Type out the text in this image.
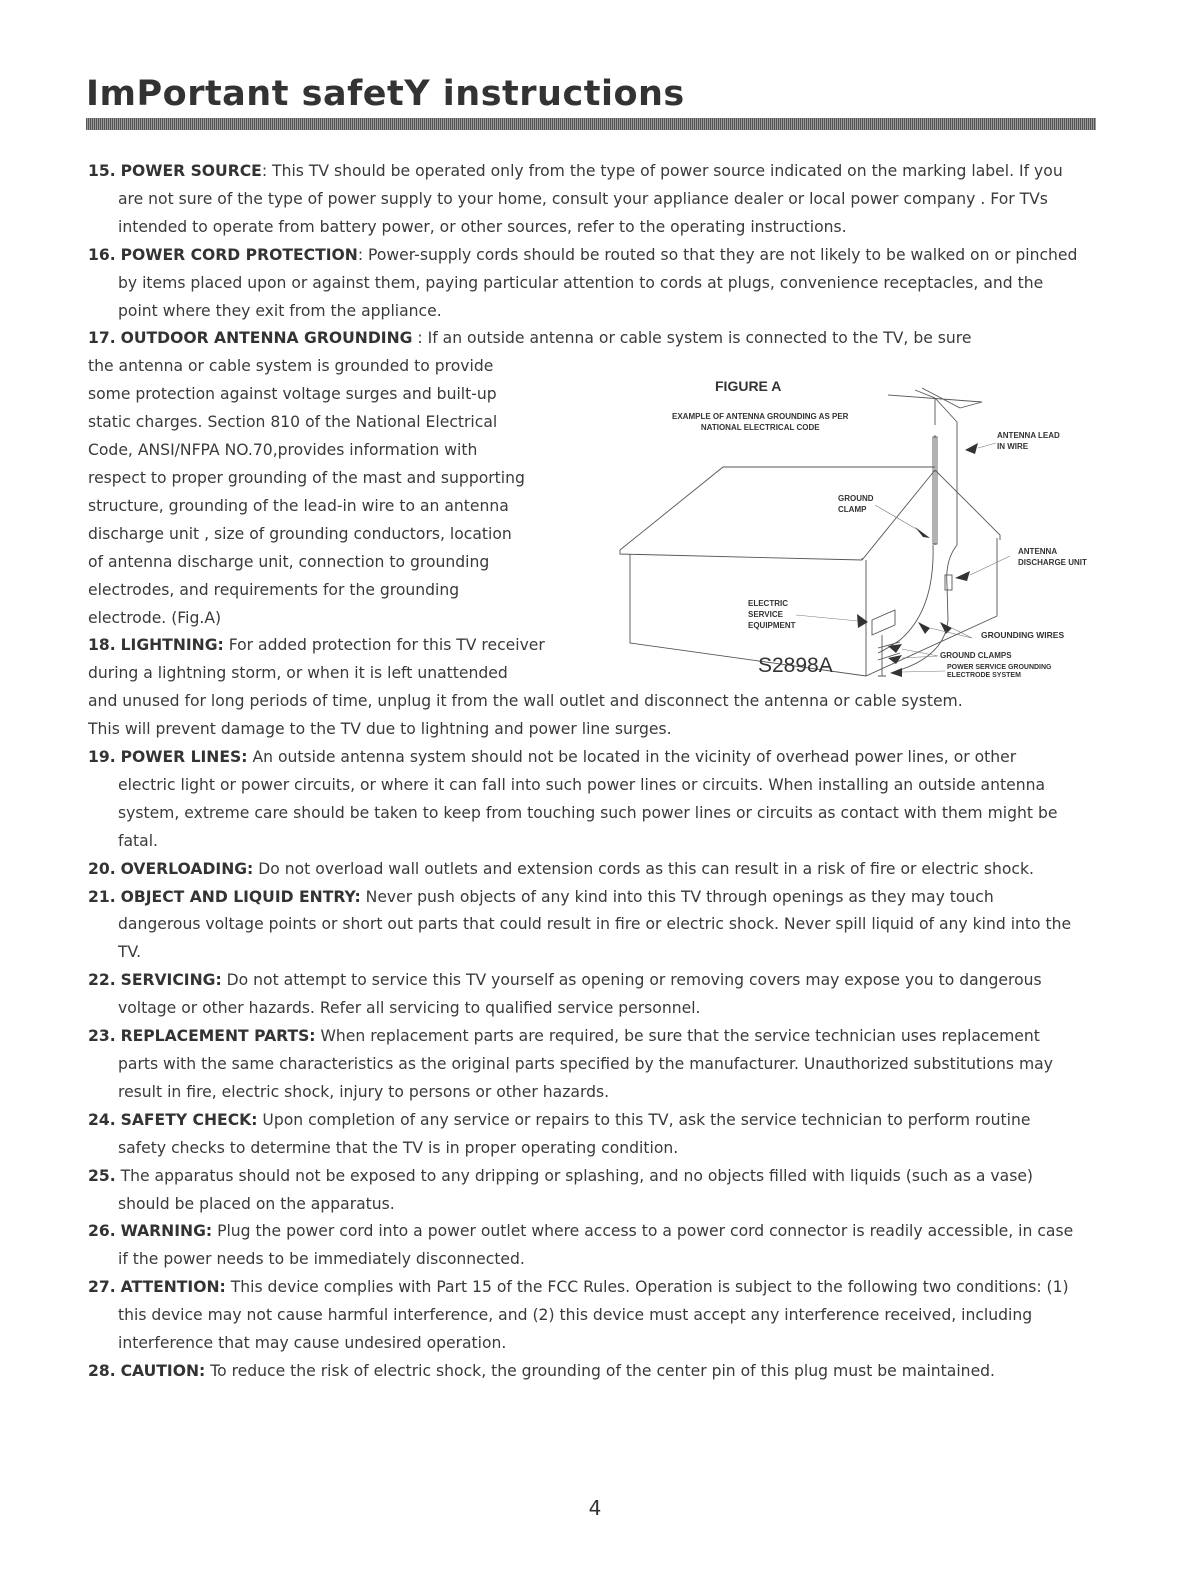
ImPortant safetY instructions
15. POWER SOURCE: This TV should be operated only from the type of power source indicated on the marking label. If you are not sure of the type of power supply to your home, consult your appliance dealer or local power company . For TVs intended to operate from battery power, or other sources, refer to the operating instructions.
16. POWER CORD PROTECTION: Power-supply cords should be routed so that they are not likely to be walked on or pinched by items placed upon or against them, paying particular attention to cords at plugs, convenience receptacles, and the point where they exit from the appliance.
17. OUTDOOR ANTENNA GROUNDING : If an outside antenna or cable system is connected to the TV, be sure
the antenna or cable system is grounded to provide
some protection against voltage surges and built-up
static charges. Section 810 of the National Electrical
Code, ANSI/NFPA NO.70,provides information with
respect to proper grounding of the mast and supporting
structure, grounding of the lead-in wire to an antenna
discharge unit , size of grounding conductors, location
of antenna discharge unit, connection to grounding
electrodes, and requirements for the grounding
electrode. (Fig.A)
FIGURE A
EXAMPLE OF ANTENNA GROUNDING AS PER
NATIONAL ELECTRICAL CODE
ANTENNA LEAD
IN WIRE
GROUND
CLAMP
ANTENNA
DISCHARGE UNIT
ELECTRIC
SERVICE
EQUIPMENT
GROUNDING WIRES
GROUND CLAMPS
POWER SERVICE GROUNDING
ELECTRODE SYSTEM
S2898A
18. LIGHTNING: For added protection for this TV receiver
during a lightning storm, or when it is left unattended
and unused for long periods of time, unplug it from the wall outlet and disconnect the antenna or cable system.
This will prevent damage to the TV due to lightning and power line surges.
19. POWER LINES: An outside antenna system should not be located in the vicinity of overhead power lines, or other electric light or power circuits, or where it can fall into such power lines or circuits. When installing an outside antenna system, extreme care should be taken to keep from touching such power lines or circuits as contact with them might be fatal.
20. OVERLOADING: Do not overload wall outlets and extension cords as this can result in a risk of fire or electric shock.
21. OBJECT AND LIQUID ENTRY: Never push objects of any kind into this TV through openings as they may touch dangerous voltage points or short out parts that could result in fire or electric shock. Never spill liquid of any kind into the TV.
22. SERVICING: Do not attempt to service this TV yourself as opening or removing covers may expose you to dangerous voltage or other hazards. Refer all servicing to qualified service personnel.
23. REPLACEMENT PARTS: When replacement parts are required, be sure that the service technician uses replacement parts with the same characteristics as the original parts specified by the manufacturer. Unauthorized substitutions may result in fire, electric shock, injury to persons or other hazards.
24. SAFETY CHECK: Upon completion of any service or repairs to this TV, ask the service technician to perform routine safety checks to determine that the TV is in proper operating condition.
25. The apparatus should not be exposed to any dripping or splashing, and no objects filled with liquids (such as a vase) should be placed on the apparatus.
26. WARNING: Plug the power cord into a power outlet where access to a power cord connector is readily accessible, in case if the power needs to be immediately disconnected.
27. ATTENTION: This device complies with Part 15 of the FCC Rules. Operation is subject to the following two conditions: (1) this device may not cause harmful interference, and (2) this device must accept any interference received, including interference that may cause undesired operation.
28. CAUTION: To reduce the risk of electric shock, the grounding of the center pin of this plug must be maintained.
4
